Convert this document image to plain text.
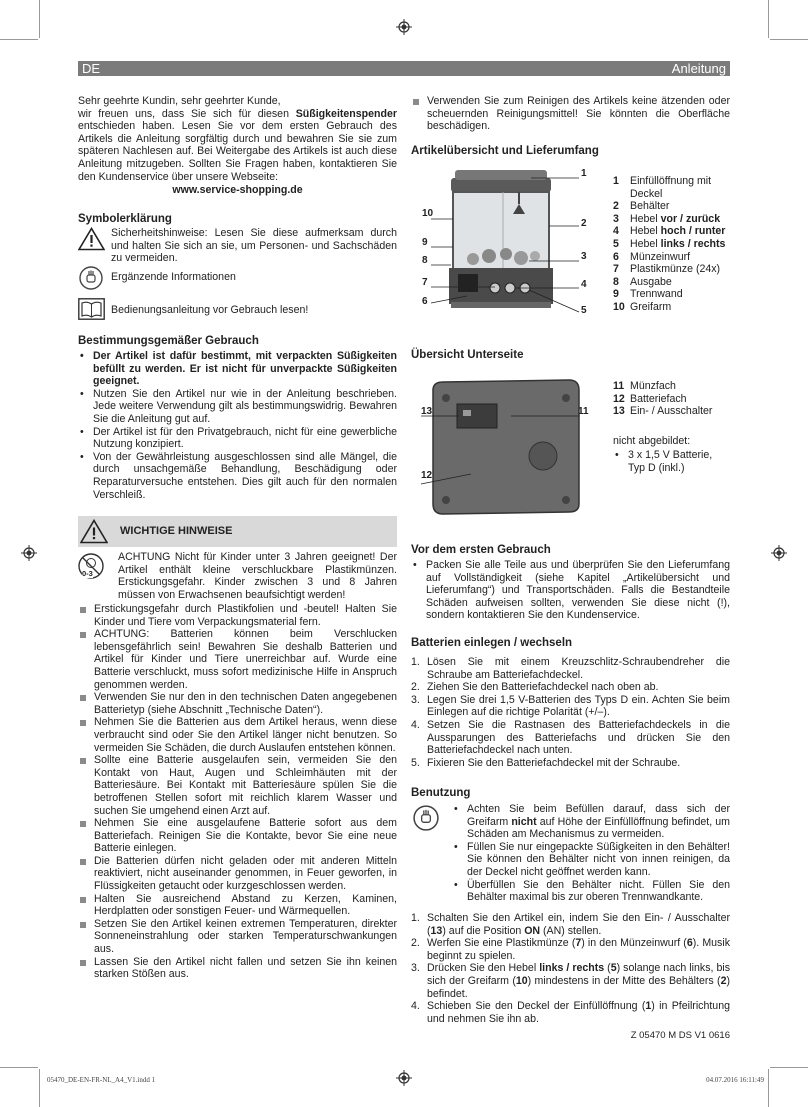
DE	Anleitung

Sehr geehrte Kundin, sehr geehrter Kunde,

wir freuen uns, dass Sie sich für diesen Süßigkeitenspender entschieden haben. Lesen Sie vor dem ersten Gebrauch des Artikels die Anleitung sorgfältig durch und bewahren Sie sie zum späteren Nachlesen auf. Bei Weitergabe des Artikels ist auch diese Anleitung mitzugeben. Sollten Sie Fragen haben, kontaktieren Sie den Kundenservice über unsere Webseite:

www.service-shopping.de

Symbolerklärung
Sicherheitshinweise: Lesen Sie diese aufmerksam durch und halten Sie sich an sie, um Personen- und Sachschäden zu vermeiden.
Ergänzende Informationen
Bedienungsanleitung vor Gebrauch lesen!
Bestimmungsgemäßer Gebrauch
• Der Artikel ist dafür bestimmt, mit verpackten Süßigkeiten befüllt zu werden. Er ist nicht für unverpackte Süßigkeiten geeignet.
• Nutzen Sie den Artikel nur wie in der Anleitung beschrieben. Jede weitere Verwendung gilt als bestimmungswidrig. Bewahren Sie die Anleitung gut auf.
• Der Artikel ist für den Privatgebrauch, nicht für eine gewerbliche Nutzung konzipiert.
• Von der Gewährleistung ausgeschlossen sind alle Mängel, die durch unsachgemäße Behandlung, Beschädigung oder Reparaturversuche entstehen. Dies gilt auch für den normalen Verschleiß.
WICHTIGE HINWEISE
0-3
ACHTUNG Nicht für Kinder unter 3 Jahren geeignet! Der Artikel enthält kleine verschluckbare Plastikmünzen. Erstickungsgefahr. Kinder zwischen 3 und 8 Jahren müssen von Erwachsenen beaufsichtigt werden!
Erstickungsgefahr durch Plastikfolien und -beutel! Halten Sie Kinder und Tiere vom Verpackungsmaterial fern.
ACHTUNG: Batterien können beim Verschlucken lebensgefährlich sein! Bewahren Sie deshalb Batterien und Artikel für Kinder und Tiere unerreichbar auf. Wurde eine Batterie verschluckt, muss sofort medizinische Hilfe in Anspruch genommen werden.
Verwenden Sie nur den in den technischen Daten angegebenen Batterietyp (siehe Abschnitt „Technische Daten“).
Nehmen Sie die Batterien aus dem Artikel heraus, wenn diese verbraucht sind oder Sie den Artikel länger nicht benutzen. So vermeiden Sie Schäden, die durch Auslaufen entstehen können.
Sollte eine Batterie ausgelaufen sein, vermeiden Sie den Kontakt von Haut, Augen und Schleimhäuten mit der Batteriesäure. Bei Kontakt mit Batteriesäure spülen Sie die betroffenen Stellen sofort mit reichlich klarem Wasser und suchen Sie umgehend einen Arzt auf.
Nehmen Sie eine ausgelaufene Batterie sofort aus dem Batteriefach. Reinigen Sie die Kontakte, bevor Sie eine neue Batterie einlegen.
Die Batterien dürfen nicht geladen oder mit anderen Mitteln reaktiviert, nicht auseinander genommen, in Feuer geworfen, in Flüssigkeiten getaucht oder kurzgeschlossen werden.
Halten Sie ausreichend Abstand zu Kerzen, Kaminen, Herdplatten oder sonstigen Feuer- und Wärmequellen.
Setzen Sie den Artikel keinen extremen Temperaturen, direkter Sonneneinstrahlung oder starken Temperaturschwankungen aus.
Lassen Sie den Artikel nicht fallen und setzen Sie ihn keinen starken Stößen aus.
Verwenden Sie zum Reinigen des Artikels keine ätzenden oder scheuernden Reinigungsmittel! Sie könnten die Oberfläche beschädigen.
Artikelübersicht und Lieferumfang
1
10
2
9
8	3
7	4
6
5
1 Einfüllöffnung mit Deckel
2 Behälter
3 Hebel vor / zurück
4 Hebel hoch / runter
5 Hebel links / rechts
6 Münzeinwurf
7 Plastikmünze (24x)
8 Ausgabe
9 Trennwand
10 Greifarm
Übersicht Unterseite
13	11
12
11 Münzfach
12 Batteriefach
13 Ein- / Ausschalter
nicht abgebildet:
• 3 x 1,5 V Batterie, Typ D (inkl.)
Vor dem ersten Gebrauch
• Packen Sie alle Teile aus und überprüfen Sie den Lieferumfang auf Vollständigkeit (siehe Kapitel „Artikelübersicht und Lieferumfang“) und Transportschäden. Falls die Bestandteile Schäden aufweisen sollten, verwenden Sie diese nicht (!), sondern kontaktieren Sie den Kundenservice.
Batterien einlegen / wechseln
1. Lösen Sie mit einem Kreuzschlitz-Schraubendreher die Schraube am Batteriefachdeckel.
2. Ziehen Sie den Batteriefachdeckel nach oben ab.
3. Legen Sie drei 1,5 V-Batterien des Typs D ein. Achten Sie beim Einlegen auf die richtige Polarität (+/–).
4. Setzen Sie die Rastnasen des Batteriefachdeckels in die Aussparungen des Batteriefachs und drücken Sie den Batteriefachdeckel nach unten.
5. Fixieren Sie den Batteriefachdeckel mit der Schraube.
Benutzung
• Achten Sie beim Befüllen darauf, dass sich der Greifarm nicht auf Höhe der Einfüllöffnung befindet, um Schäden am Mechanismus zu vermeiden.
• Füllen Sie nur eingepackte Süßigkeiten in den Behälter! Sie können den Behälter nicht von innen reinigen, da der Deckel nicht geöffnet werden kann.
• Überfüllen Sie den Behälter nicht. Füllen Sie den Behälter maximal bis zur oberen Trennwandkante.
1. Schalten Sie den Artikel ein, indem Sie den Ein- / Ausschalter (13) auf die Position ON (AN) stellen.
2. Werfen Sie eine Plastikmünze (7) in den Münzeinwurf (6). Musik beginnt zu spielen.
3. Drücken Sie den Hebel links / rechts (5) solange nach links, bis sich der Greifarm (10) mindestens in der Mitte des Behälters (2) befindet.
4. Schieben Sie den Deckel der Einfüllöffnung (1) in Pfeilrichtung und nehmen Sie ihn ab.
Z 05470 M DS V1 0616
05470_DE-EN-FR-NL_A4_V1.indd 1	04.07.2016 16:11:49
